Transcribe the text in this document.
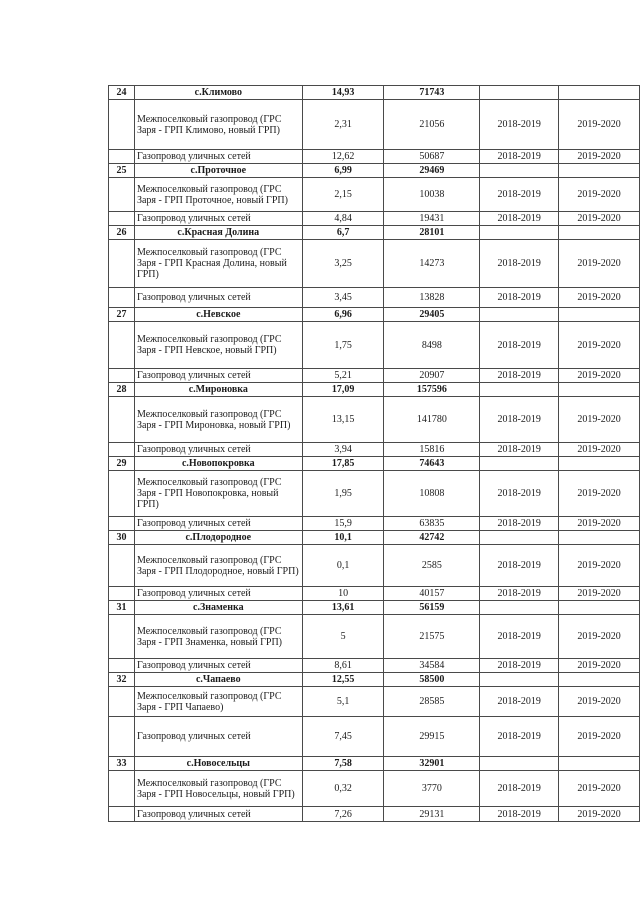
24	с.Климово	14,93	71743		
	Межпоселковый газопровод (ГРС Заря - ГРП Климово, новый ГРП)	2,31	21056	2018-2019	2019-2020
	Газопровод уличных сетей	12,62	50687	2018-2019	2019-2020
25	с.Проточное	6,99	29469		
	Межпоселковый газопровод (ГРС Заря - ГРП Проточное, новый ГРП)	2,15	10038	2018-2019	2019-2020
	Газопровод уличных сетей	4,84	19431	2018-2019	2019-2020
26	с.Красная Долина	6,7	28101		
	Межпоселковый газопровод (ГРС Заря - ГРП Красная Долина, новый ГРП)	3,25	14273	2018-2019	2019-2020
	Газопровод уличных сетей	3,45	13828	2018-2019	2019-2020
27	с.Невское	6,96	29405		
	Межпоселковый газопровод (ГРС Заря - ГРП Невское, новый ГРП)	1,75	8498	2018-2019	2019-2020
	Газопровод уличных сетей	5,21	20907	2018-2019	2019-2020
28	с.Мироновка	17,09	157596		
	Межпоселковый газопровод (ГРС Заря - ГРП Мироновка, новый ГРП)	13,15	141780	2018-2019	2019-2020
	Газопровод уличных сетей	3,94	15816	2018-2019	2019-2020
29	с.Новопокровка	17,85	74643		
	Межпоселковый газопровод (ГРС Заря - ГРП Новопокровка, новый ГРП)	1,95	10808	2018-2019	2019-2020
	Газопровод уличных сетей	15,9	63835	2018-2019	2019-2020
30	с.Плодородное	10,1	42742		
	Межпоселковый газопровод (ГРС Заря - ГРП Плодородное, новый ГРП)	0,1	2585	2018-2019	2019-2020
	Газопровод уличных сетей	10	40157	2018-2019	2019-2020
31	с.Знаменка	13,61	56159		
	Межпоселковый газопровод (ГРС Заря - ГРП Знаменка, новый ГРП)	5	21575	2018-2019	2019-2020
	Газопровод уличных сетей	8,61	34584	2018-2019	2019-2020
32	с.Чапаево	12,55	58500		
	Межпоселковый газопровод (ГРС Заря - ГРП Чапаево)	5,1	28585	2018-2019	2019-2020
	Газопровод уличных сетей	7,45	29915	2018-2019	2019-2020
33	с.Новосельцы	7,58	32901		
	Межпоселковый газопровод (ГРС Заря - ГРП Новосельцы, новый ГРП)	0,32	3770	2018-2019	2019-2020
	Газопровод уличных сетей	7,26	29131	2018-2019	2019-2020
